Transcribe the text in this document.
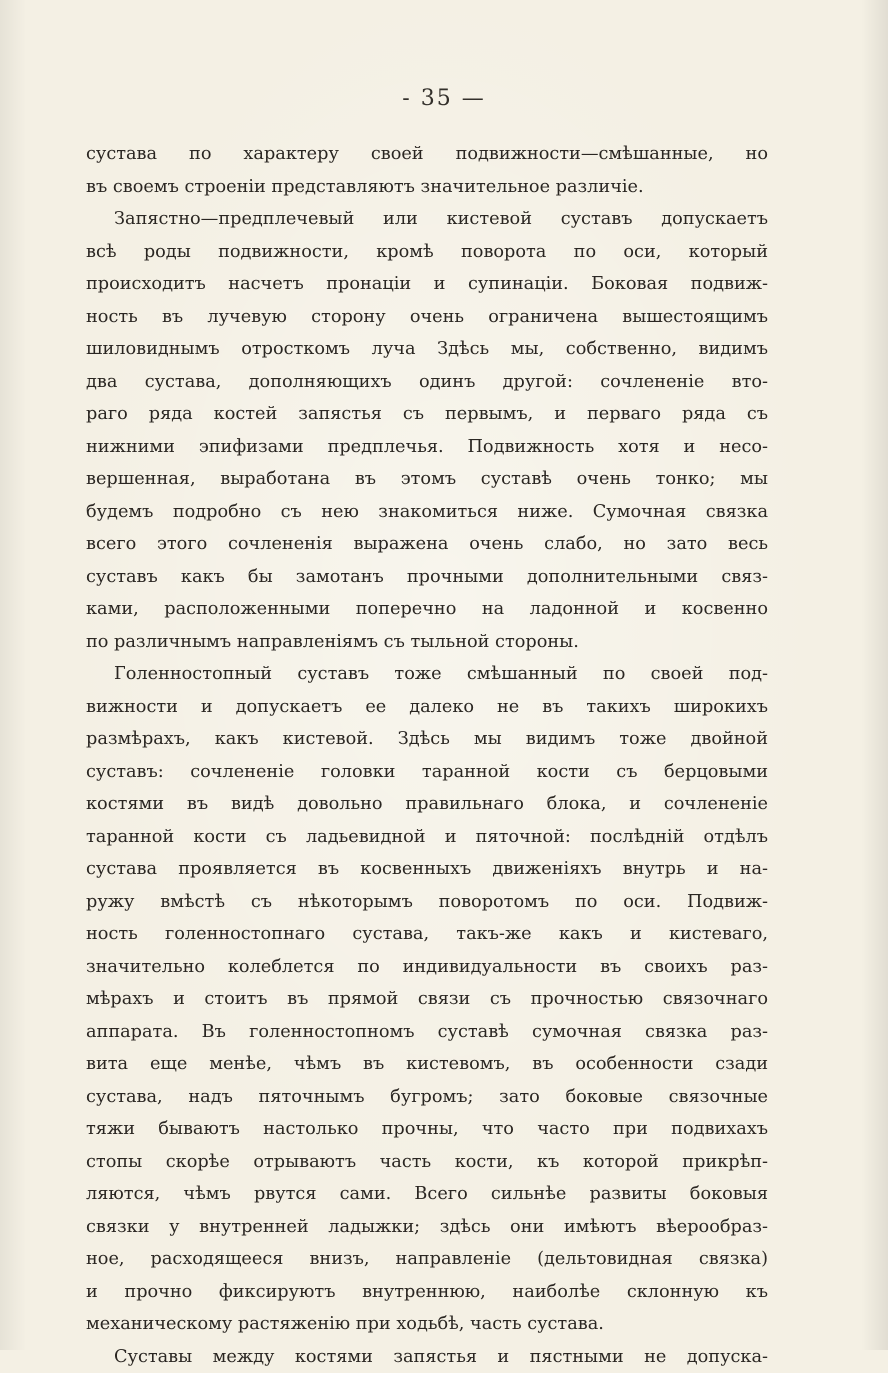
- 35 —
сустава по характеру своей подвижности—смѣшанные, но
въ своемъ строеніи представляютъ значительное различіе.
Запястно—предплечевый или кистевой суставъ допускаетъ
всѣ роды подвижности, кромѣ поворота по оси, который
происходитъ насчетъ пронаціи и супинаціи. Боковая подвиж-
ность въ лучевую сторону очень ограничена вышестоящимъ
шиловиднымъ отросткомъ луча Здѣсь мы, собственно, видимъ
два сустава, дополняющихъ одинъ другой: сочлененіе вто-
раго ряда костей запястья съ первымъ, и перваго ряда съ
нижними эпифизами предплечья. Подвижность хотя и несо-
вершенная, выработана въ этомъ суставѣ очень тонко; мы
будемъ подробно съ нею знакомиться ниже. Сумочная связка
всего этого сочлененія выражена очень слабо, но зато весь
суставъ какъ бы замотанъ прочными дополнительными связ-
ками, расположенными поперечно на ладонной и косвенно
по различнымъ направленіямъ съ тыльной стороны.
Голенностопный суставъ тоже смѣшанный по своей под-
вижности и допускаетъ ее далеко не въ такихъ широкихъ
размѣрахъ, какъ кистевой. Здѣсь мы видимъ тоже двойной
суставъ: сочлененіе головки таранной кости съ берцовыми
костями въ видѣ довольно правильнаго блока, и сочлененіе
таранной кости съ ладьевидной и пяточной: послѣдній отдѣлъ
сустава проявляется въ косвенныхъ движеніяхъ внутрь и на-
ружу вмѣстѣ съ нѣкоторымъ поворотомъ по оси. Подвиж-
ность голенностопнаго сустава, такъ-же какъ и кистеваго,
значительно колеблется по индивидуальности въ своихъ раз-
мѣрахъ и стоитъ въ прямой связи съ прочностью связочнаго
аппарата. Въ голенностопномъ суставѣ сумочная связка раз-
вита еще менѣе, чѣмъ въ кистевомъ, въ особенности сзади
сустава, надъ пяточнымъ бугромъ; зато боковые связочные
тяжи бываютъ настолько прочны, что часто при подвихахъ
стопы скорѣе отрываютъ часть кости, къ которой прикрѣп-
ляются, чѣмъ рвутся сами. Всего сильнѣе развиты боковыя
связки у внутренней ладыжки; здѣсь они имѣютъ вѣерообраз-
ное, расходящееся внизъ, направленіе (дельтовидная связка)
и прочно фиксируютъ внутреннюю, наиболѣе склонную къ
механическому растяженію при ходьбѣ, часть сустава.
Суставы между костями запястья и пястными не допуска-
